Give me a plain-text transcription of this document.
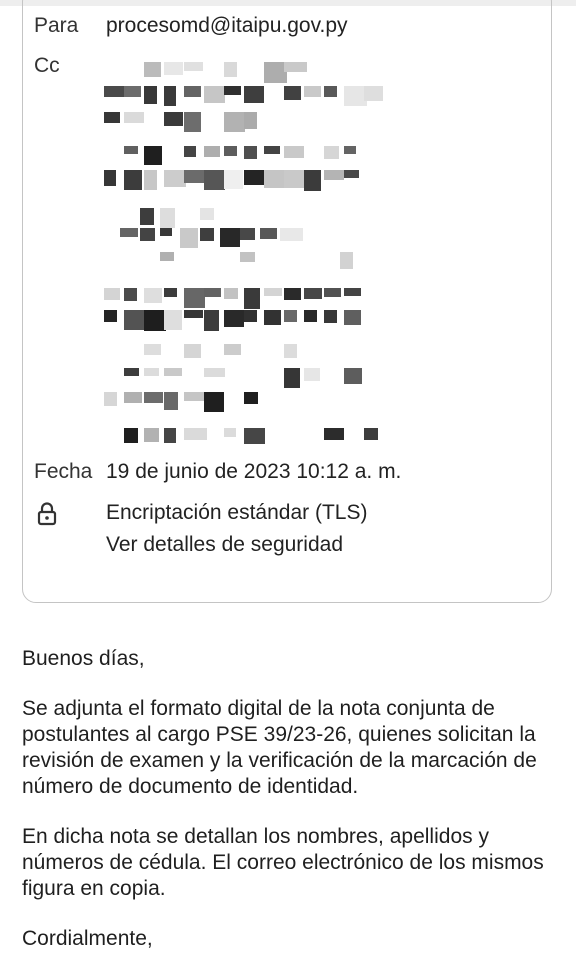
Para procesomd@itaipu.gov.py
Cc
Fecha 19 de junio de 2023 10:12 a. m.
Encriptación estándar (TLS)
Ver detalles de seguridad

Buenos días,

Se adjunta el formato digital de la nota conjunta de postulantes al cargo PSE 39/23-26, quienes solicitan la revisión de examen y la verificación de la marcación de número de documento de identidad.

En dicha nota se detallan los nombres, apellidos y números de cédula. El correo electrónico de los mismos figura en copia.

Cordialmente,
